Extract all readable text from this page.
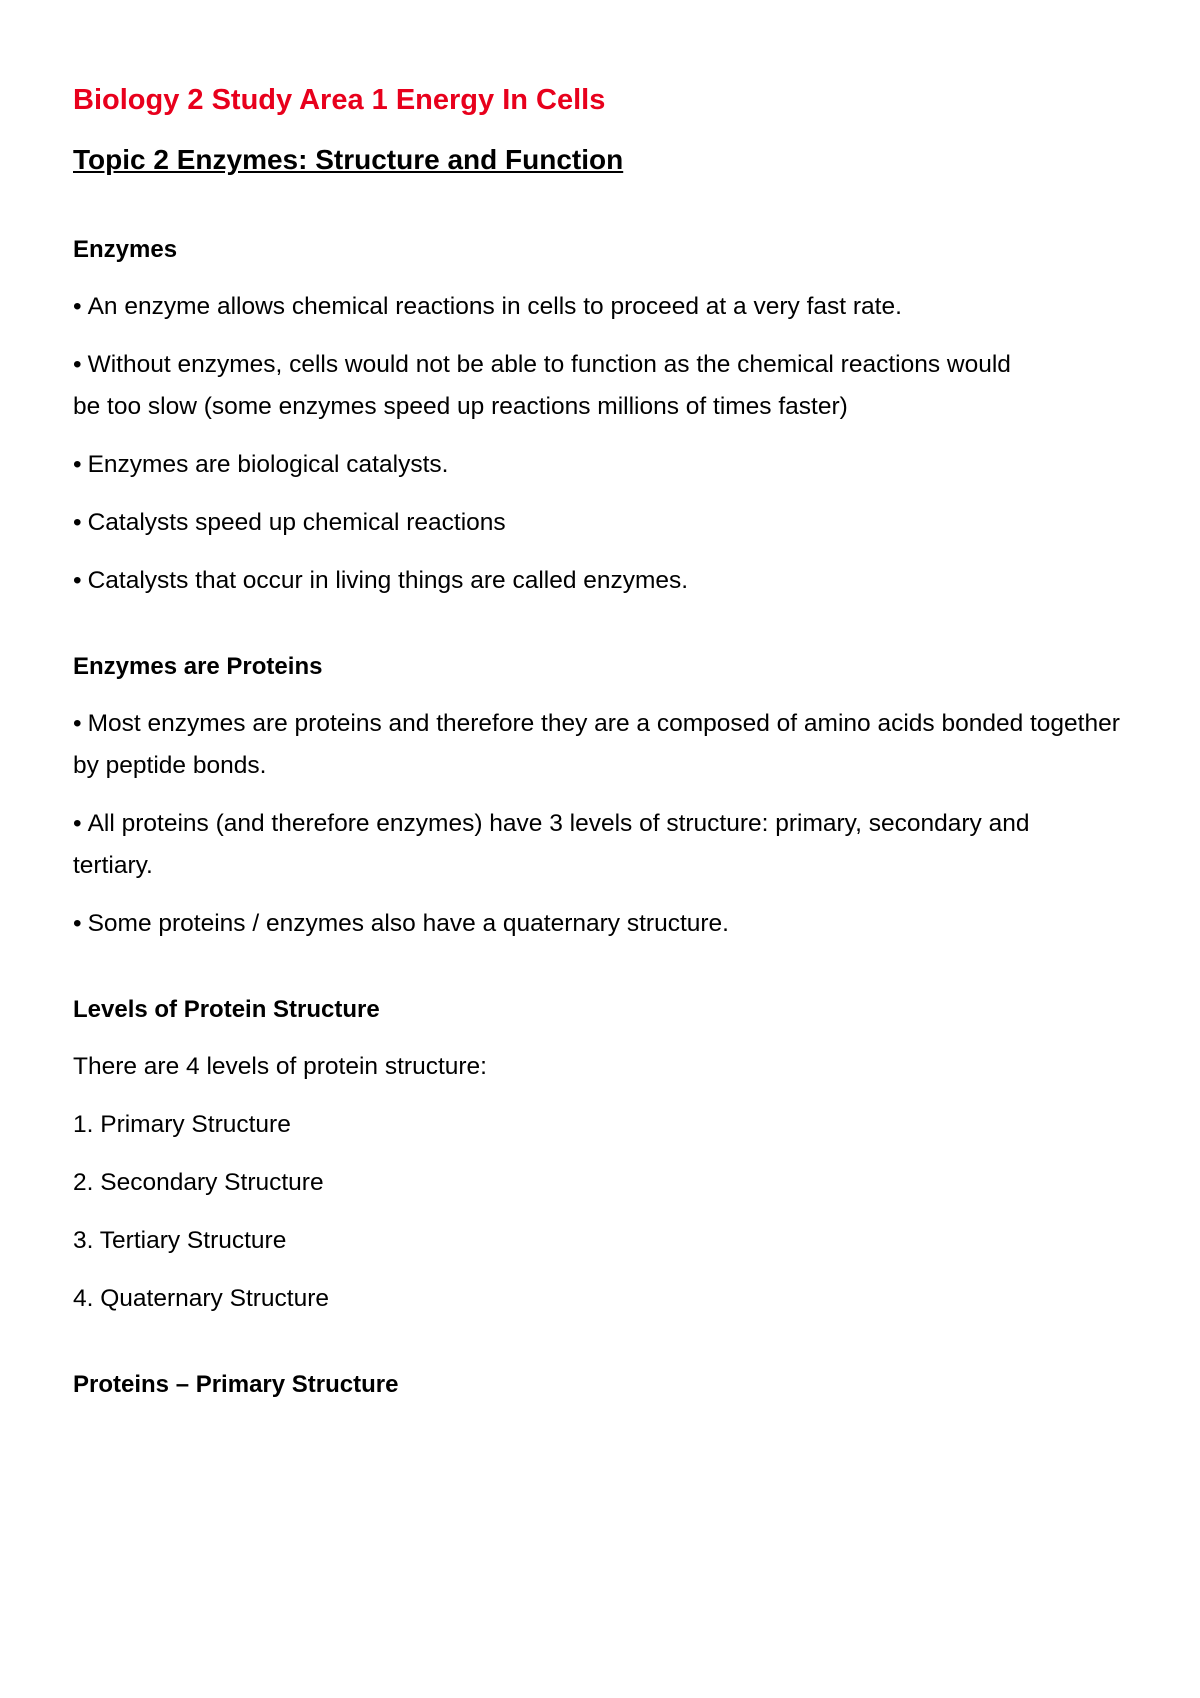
Biology 2 Study Area 1 Energy In Cells
Topic 2 Enzymes: Structure and Function
Enzymes
• An enzyme allows chemical reactions in cells to proceed at a very fast rate.
• Without enzymes, cells would not be able to function as the chemical reactions would be too slow (some enzymes speed up reactions millions of times faster)
• Enzymes are biological catalysts.
• Catalysts speed up chemical reactions
• Catalysts that occur in living things are called enzymes.
Enzymes are Proteins
• Most enzymes are proteins and therefore they are a composed of amino acids bonded together by peptide bonds.
• All proteins (and therefore enzymes) have 3 levels of structure: primary, secondary and tertiary.
• Some proteins / enzymes also have a quaternary structure.
Levels of Protein Structure
There are 4 levels of protein structure:
1. Primary Structure
2. Secondary Structure
3. Tertiary Structure
4. Quaternary Structure
Proteins – Primary Structure
